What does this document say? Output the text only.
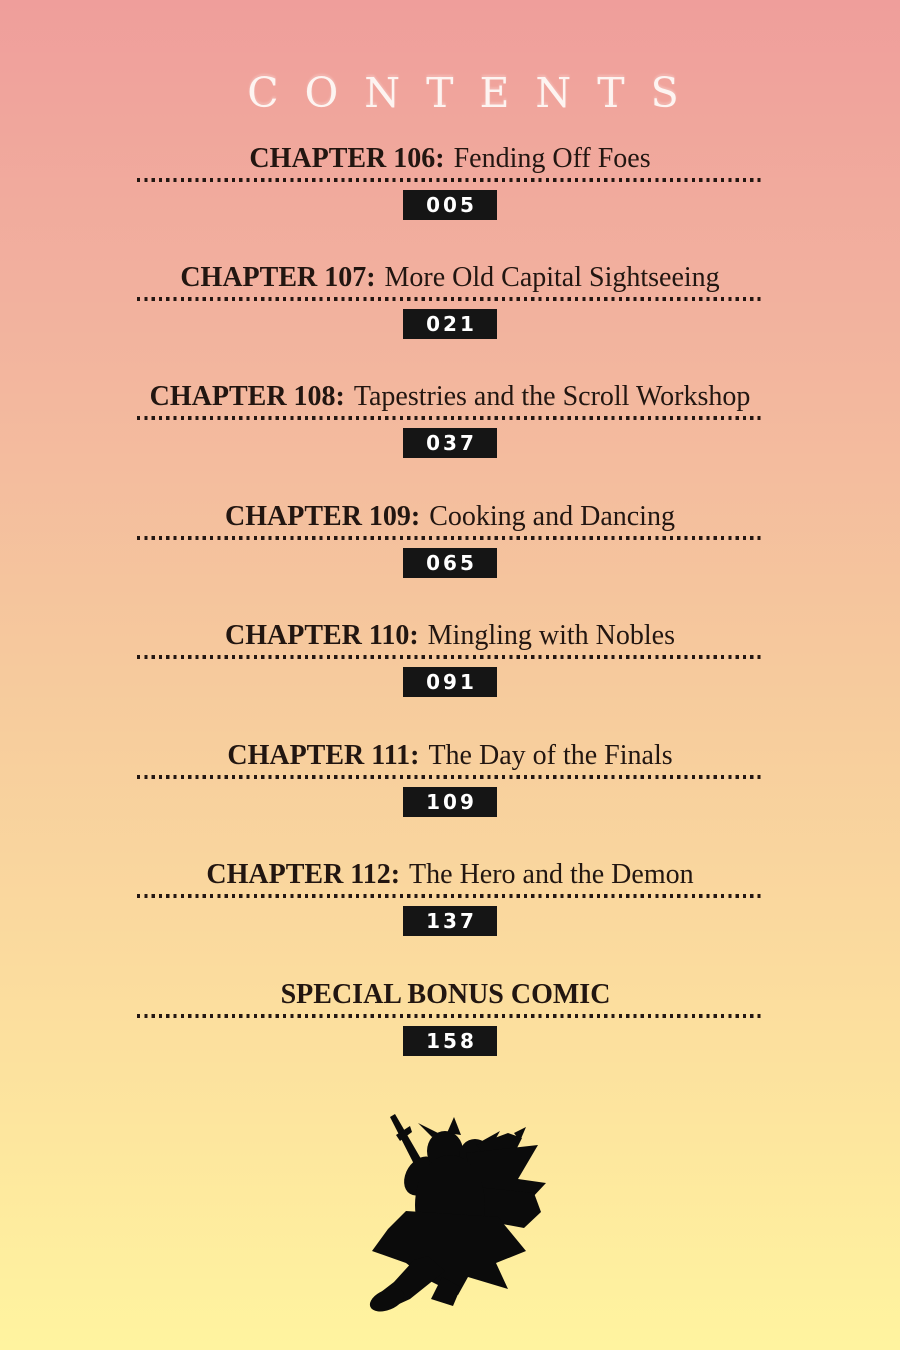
CONTENTS
CHAPTER 106: Fending Off Foes
005
CHAPTER 107: More Old Capital Sightseeing
021
CHAPTER 108: Tapestries and the Scroll Workshop
037
CHAPTER 109: Cooking and Dancing
065
CHAPTER 110: Mingling with Nobles
091
CHAPTER 111: The Day of the Finals
109
CHAPTER 112: The Hero and the Demon
137
SPECIAL BONUS COMIC
158
